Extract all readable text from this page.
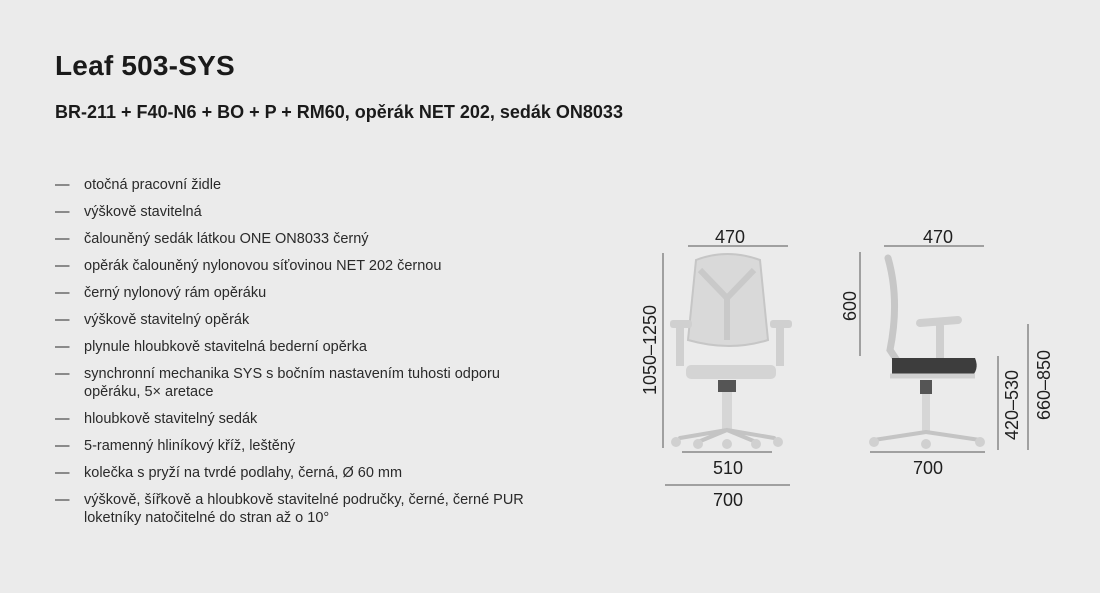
Leaf 503-SYS
BR-211 + F40-N6 + BO + P + RM60, opěrák NET 202, sedák ON8033
— otočná pracovní židle
— výškově stavitelná
— čalouněný sedák látkou ONE ON8033 černý
— opěrák čalouněný nylonovou síťovinou NET 202 černou
— černý nylonový rám opěráku
— výškově stavitelný opěrák
— plynule hloubkově stavitelná bederní opěrka
— synchronní mechanika SYS s bočním nastavením tuhosti odporu opěráku, 5× aretace
— hloubkově stavitelný sedák
— 5-ramenný hliníkový kříž, leštěný
— kolečka s pryží na tvrdé podlahy, černá, Ø 60 mm
— výškově, šířkově a hloubkově stavitelné područky, černé, černé PUR loketníky natočitelné do stran až o 10°
470
1050–1250
510
700
470
600
700
420–530 660–850
